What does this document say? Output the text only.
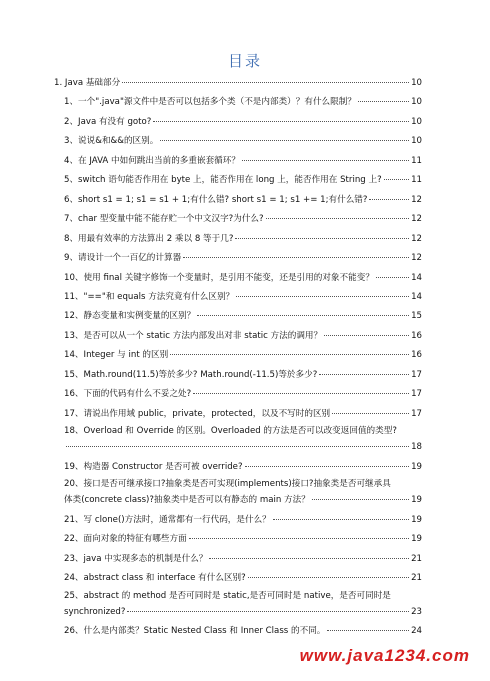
目录
1. Java 基础部分	10
1、一个".java"源文件中是否可以包括多个类（不是内部类）？有什么限制？	10
2、Java 有没有 goto?	10
3、说说&和&&的区别。	10
4、在 JAVA 中如何跳出当前的多重嵌套循环？	11
5、switch 语句能否作用在 byte 上，能否作用在 long 上，能否作用在 String 上?	11
6、short s1 = 1; s1 = s1 + 1;有什么错? short s1 = 1; s1 += 1;有什么错?	12
7、char 型变量中能不能存贮一个中文汉字?为什么?	12
8、用最有效率的方法算出 2 乘以 8 等于几?	12
9、请设计一个一百亿的计算器	12
10、使用 final 关键字修饰一个变量时，是引用不能变，还是引用的对象不能变？	14
11、"=="和 equals 方法究竟有什么区别？	14
12、静态变量和实例变量的区别？	15
13、是否可以从一个 static 方法内部发出对非 static 方法的调用？	16
14、Integer 与 int 的区别	16
15、Math.round(11.5)等於多少? Math.round(-11.5)等於多少?	17
16、下面的代码有什么不妥之处?	17
17、请说出作用域 public，private，protected，以及不写时的区别	17
18、Overload 和 Override 的区别。Overloaded 的方法是否可以改变返回值的类型?
18
19、构造器 Constructor 是否可被 override?	19
20、接口是否可继承接口?抽象类是否可实现(implements)接口?抽象类是否可继承具
体类(concrete class)?抽象类中是否可以有静态的 main 方法？	19
21、写 clone()方法时，通常都有一行代码，是什么？	19
22、面向对象的特征有哪些方面	19
23、java 中实现多态的机制是什么？	21
24、abstract class 和 interface 有什么区别?	21
25、abstract 的 method 是否可同时是 static,是否可同时是 native，是否可同时是
synchronized?	23
26、什么是内部类？Static Nested Class 和 Inner Class 的不同。	24
www.java1234.com
